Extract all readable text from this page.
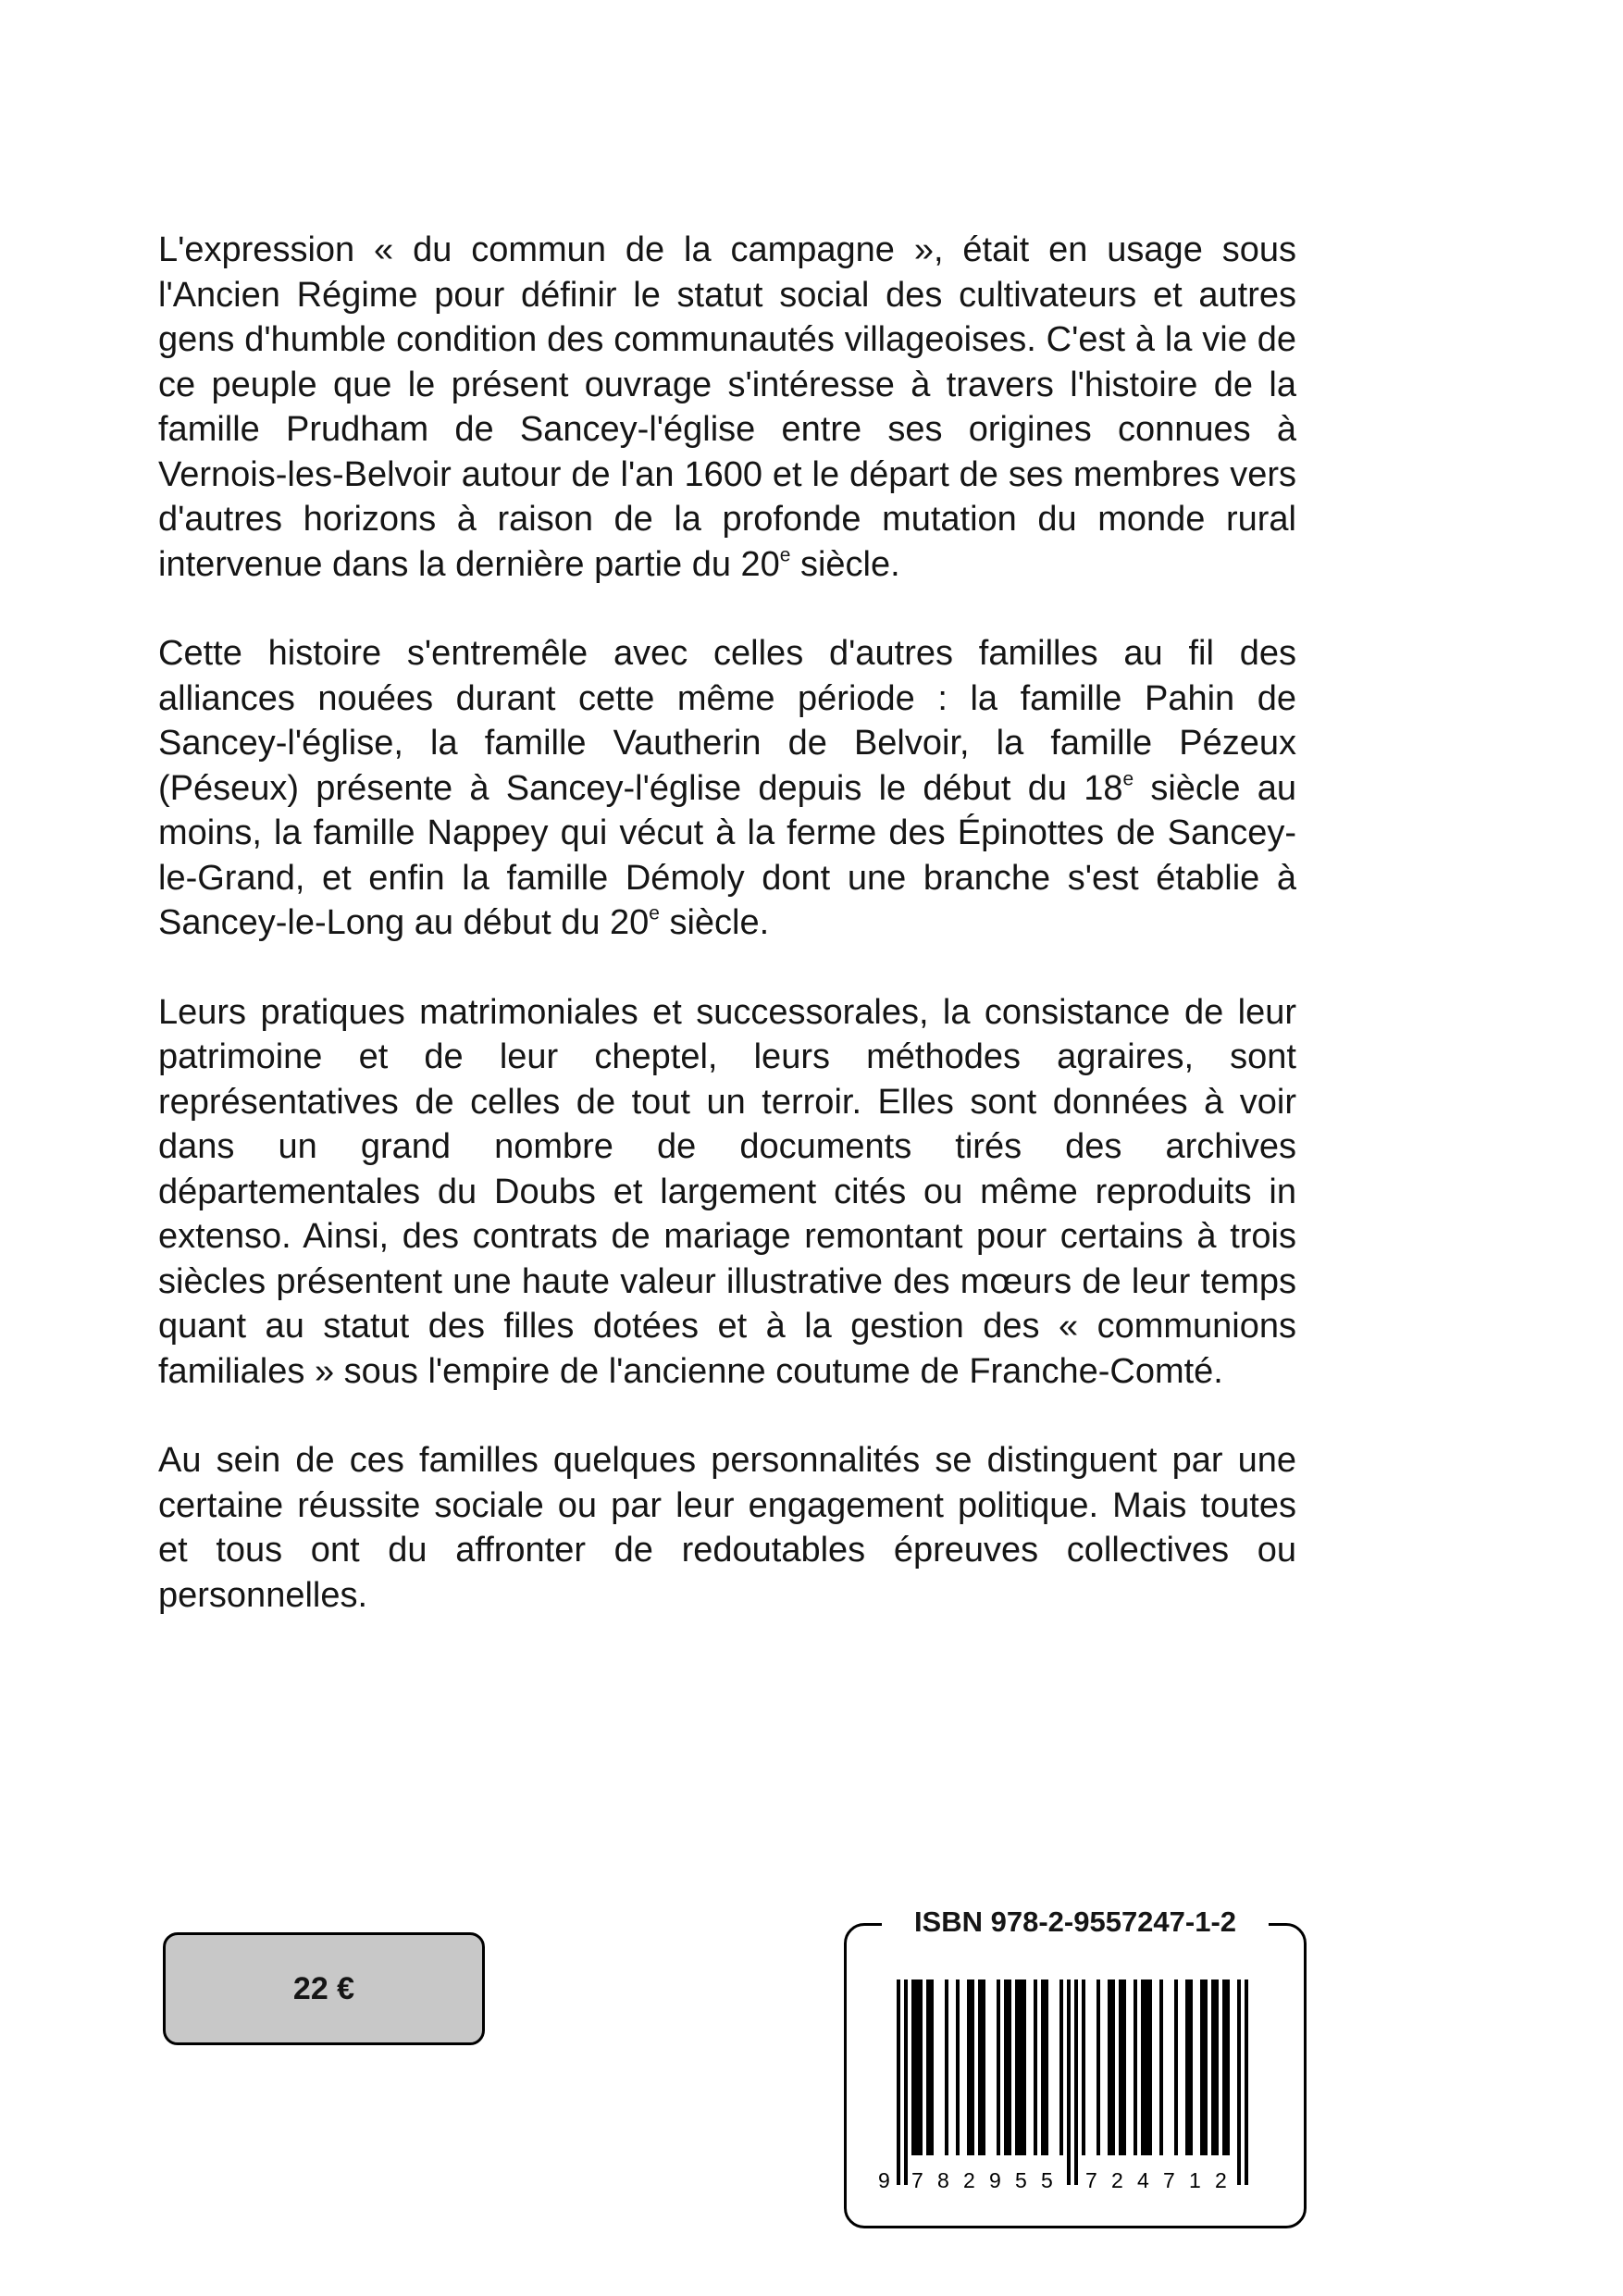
L'expression « du commun de la campagne », était en usage sous l'Ancien Régime pour définir le statut social des cultivateurs et autres gens d'humble condition des communautés villageoises. C'est à la vie de ce peuple que le présent ouvrage s'intéresse à travers l'histoire de la famille Prudham de Sancey-l'église entre ses origines connues à Vernois-les-Belvoir autour de l'an 1600 et le départ de ses membres vers d'autres horizons à raison de la profonde mutation du monde rural intervenue dans la dernière partie du 20e siècle.

Cette histoire s'entremêle avec celles d'autres familles au fil des alliances nouées durant cette même période : la famille Pahin de Sancey-l'église, la famille Vautherin de Belvoir, la famille Pézeux (Péseux) présente à Sancey-l'église depuis le début du 18e siècle au moins, la famille Nappey qui vécut à la ferme des Épinottes de Sancey-le-Grand, et enfin la famille Démoly dont une branche s'est établie à Sancey-le-Long au début du 20e siècle.

Leurs pratiques matrimoniales et successorales, la consistance de leur patrimoine et de leur cheptel, leurs méthodes agraires, sont représentatives de celles de tout un terroir. Elles sont données à voir dans un grand nombre de documents tirés des archives départementales du Doubs et largement cités ou même reproduits in extenso. Ainsi, des contrats de mariage remontant pour certains à trois siècles présentent une haute valeur illustrative des mœurs de leur temps quant au statut des filles dotées et à la gestion des « communions familiales » sous l'empire de l'ancienne coutume de Franche-Comté.

Au sein de ces familles quelques personnalités se distinguent par une certaine réussite sociale ou par leur engagement politique. Mais toutes et tous ont du affronter de redoutables épreuves collectives ou personnelles.

22 €
9 7 8 2 9 5 5 7 2 4 7 1 2
ISBN 978-2-9557247-1-2
